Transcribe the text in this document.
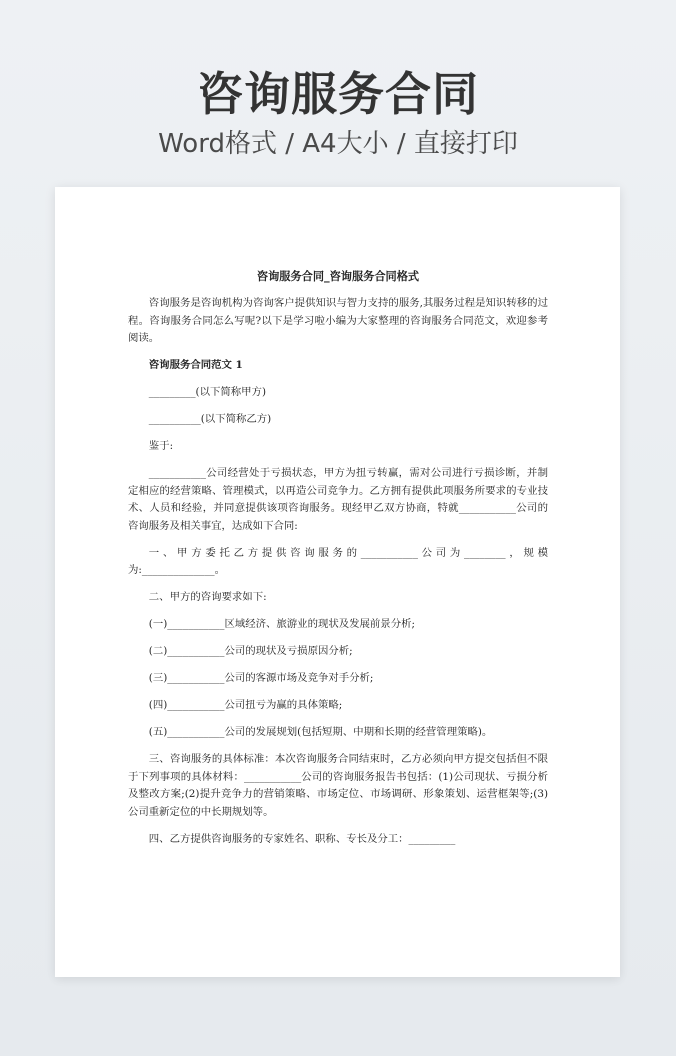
咨询服务合同
Word格式 / A4大小 / 直接打印
咨询服务合同_咨询服务合同格式

咨询服务是咨询机构为咨询客户提供知识与智力支持的服务,其服务过程是知识转移的过程。咨询服务合同怎么写呢?以下是学习啦小编为大家整理的咨询服务合同范文，欢迎参考阅读。

咨询服务合同范文 1

_________(以下简称甲方)

__________(以下简称乙方)

鉴于:

___________公司经营处于亏损状态，甲方为扭亏转赢，需对公司进行亏损诊断，并制定相应的经营策略、管理模式，以再造公司竞争力。乙方拥有提供此项服务所要求的专业技术、人员和经验，并同意提供该项咨询服务。现经甲乙双方协商，特就___________公司的咨询服务及相关事宜，达成如下合同:

一、甲方委托乙方提供咨询服务的___________公司为________，规模为:______________。

二、甲方的咨询要求如下:

(一)___________区域经济、旅游业的现状及发展前景分析;

(二)___________公司的现状及亏损原因分析;

(三)___________公司的客源市场及竞争对手分析;

(四)___________公司扭亏为赢的具体策略;

(五)___________公司的发展规划(包括短期、中期和长期的经营管理策略)。

三、咨询服务的具体标准：本次咨询服务合同结束时，乙方必须向甲方提交包括但不限于下列事项的具体材料：___________公司的咨询服务报告书包括：(1)公司现状、亏损分析及整改方案;(2)提升竞争力的营销策略、市场定位、市场调研、形象策划、运营框架等;(3)公司重新定位的中长期规划等。

四、乙方提供咨询服务的专家姓名、职称、专长及分工：_________
